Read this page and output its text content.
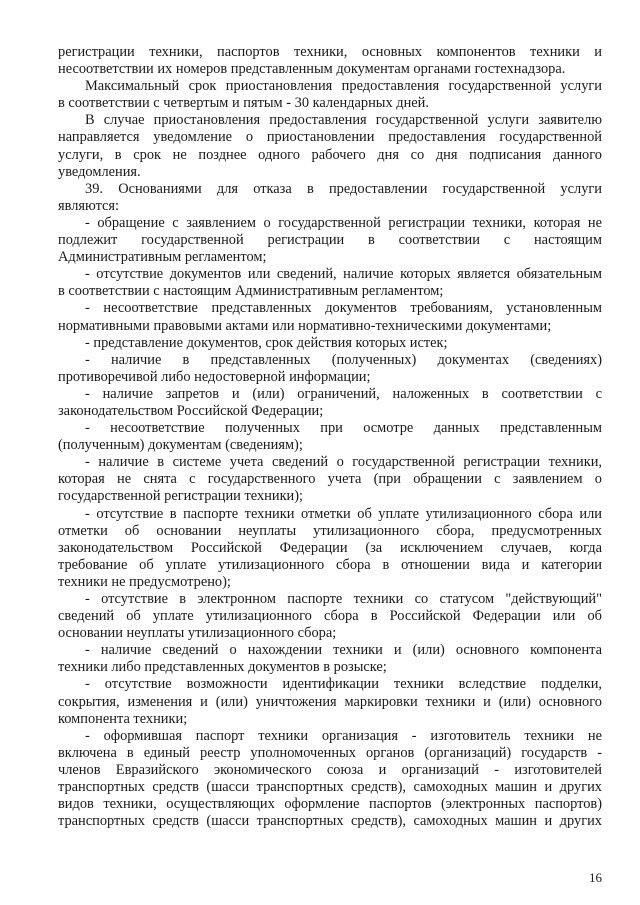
регистрации техники, паспортов техники, основных компонентов техники и
несоответствии их номеров представленным документам органами гостехнадзора.
Максимальный срок приостановления предоставления государственной услуги
в соответствии с четвертым и пятым - 30 календарных дней.
В случае приостановления предоставления государственной услуги заявителю
направляется уведомление о приостановлении предоставления государственной
услуги, в срок не позднее одного рабочего дня со дня подписания данного
уведомления.
39. Основаниями для отказа в предоставлении государственной услуги
являются:
- обращение с заявлением о государственной регистрации техники, которая не
подлежит государственной регистрации в соответствии с настоящим
Административным регламентом;
- отсутствие документов или сведений, наличие которых является обязательным
в соответствии с настоящим Административным регламентом;
- несоответствие представленных документов требованиям, установленным
нормативными правовыми актами или нормативно-техническими документами;
- представление документов, срок действия которых истек;
- наличие в представленных (полученных) документах (сведениях)
противоречивой либо недостоверной информации;
- наличие запретов и (или) ограничений, наложенных в соответствии с
законодательством Российской Федерации;
- несоответствие полученных при осмотре данных представленным
(полученным) документам (сведениям);
- наличие в системе учета сведений о государственной регистрации техники,
которая не снята с государственного учета (при обращении с заявлением о
государственной регистрации техники);
- отсутствие в паспорте техники отметки об уплате утилизационного сбора или
отметки об основании неуплаты утилизационного сбора, предусмотренных
законодательством Российской Федерации (за исключением случаев, когда
требование об уплате утилизационного сбора в отношении вида и категории
техники не предусмотрено);
- отсутствие в электронном паспорте техники со статусом "действующий"
сведений об уплате утилизационного сбора в Российской Федерации или об
основании неуплаты утилизационного сбора;
- наличие сведений о нахождении техники и (или) основного компонента
техники либо представленных документов в розыске;
- отсутствие возможности идентификации техники вследствие подделки,
сокрытия, изменения и (или) уничтожения маркировки техники и (или) основного
компонента техники;
- оформившая паспорт техники организация - изготовитель техники не
включена в единый реестр уполномоченных органов (организаций) государств -
членов Евразийского экономического союза и организаций - изготовителей
транспортных средств (шасси транспортных средств), самоходных машин и других
видов техники, осуществляющих оформление паспортов (электронных паспортов)
транспортных средств (шасси транспортных средств), самоходных машин и других
16
